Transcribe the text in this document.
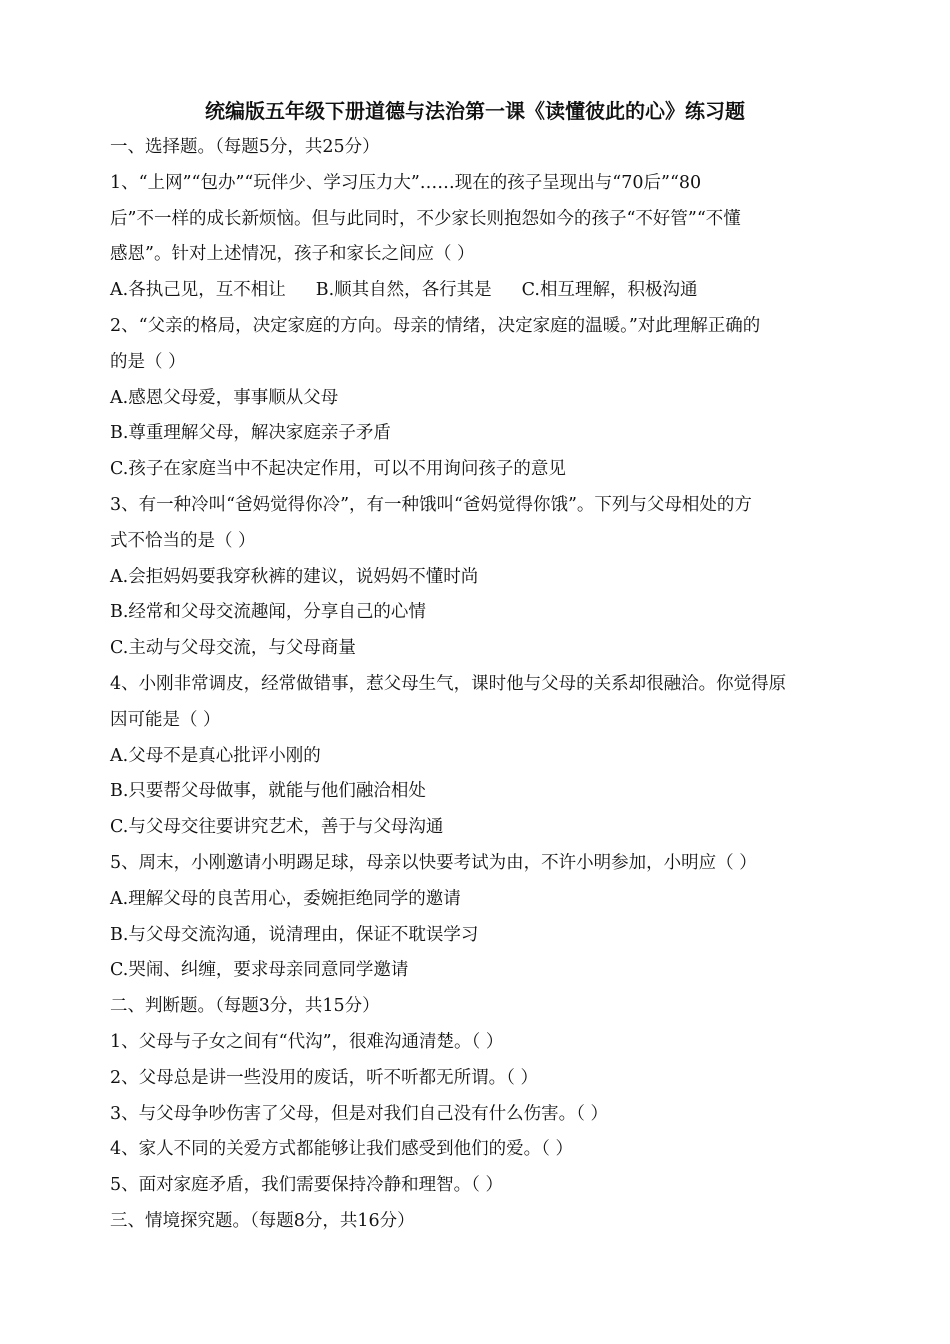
统编版五年级下册道德与法治第一课《读懂彼此的心》练习题
一、选择题。（每题5分，共25分）
1、“上网”“包办”“玩伴少、学习压力大”……现在的孩子呈现出与“70后”“80
后”不一样的成长新烦恼。但与此同时，不少家长则抱怨如今的孩子“不好管”“不懂
感恩”。针对上述情况，孩子和家长之间应（ ）
A.各执己见，互不相让 B.顺其自然，各行其是 C.相互理解，积极沟通
2、“父亲的格局，决定家庭的方向。母亲的情绪，决定家庭的温暖。”对此理解正确的
的是（ ）
A.感恩父母爱，事事顺从父母
B.尊重理解父母，解决家庭亲子矛盾
C.孩子在家庭当中不起决定作用，可以不用询问孩子的意见
3、有一种冷叫“爸妈觉得你冷”，有一种饿叫“爸妈觉得你饿”。下列与父母相处的方
式不恰当的是（ ）
A.会拒妈妈要我穿秋裤的建议，说妈妈不懂时尚
B.经常和父母交流趣闻，分享自己的心情
C.主动与父母交流，与父母商量
4、小刚非常调皮，经常做错事，惹父母生气，课时他与父母的关系却很融洽。你觉得原
因可能是（ ）
A.父母不是真心批评小刚的
B.只要帮父母做事，就能与他们融洽相处
C.与父母交往要讲究艺术，善于与父母沟通
5、周末，小刚邀请小明踢足球，母亲以快要考试为由，不许小明参加，小明应（ ）
A.理解父母的良苦用心，委婉拒绝同学的邀请
B.与父母交流沟通，说清理由，保证不耽误学习
C.哭闹、纠缠，要求母亲同意同学邀请
二、判断题。（每题3分，共15分）
1、父母与子女之间有“代沟”，很难沟通清楚。（ ）
2、父母总是讲一些没用的废话，听不听都无所谓。（ ）
3、与父母争吵伤害了父母，但是对我们自己没有什么伤害。（ ）
4、家人不同的关爱方式都能够让我们感受到他们的爱。（ ）
5、面对家庭矛盾，我们需要保持冷静和理智。（ ）
三、情境探究题。（每题8分，共16分）
